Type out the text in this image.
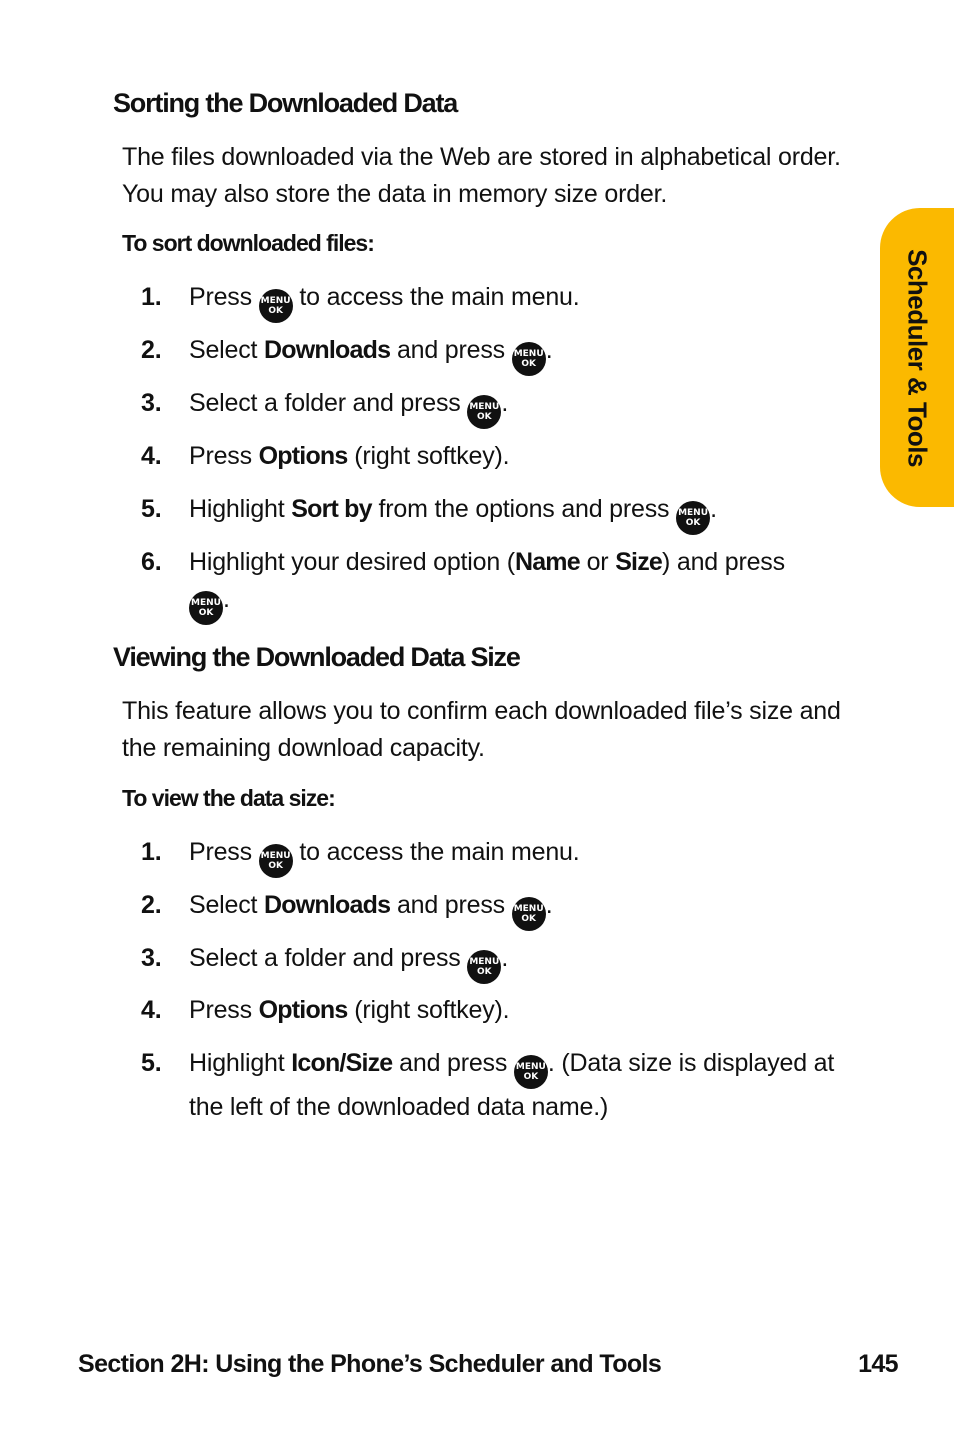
Sorting the Downloaded Data

The files downloaded via the Web are stored in alphabetical order. You may also store the data in memory size order.

To sort downloaded files:

1. Press MENU
OK to access the main menu.
2. Select Downloads and press MENU
OK .
3. Select a folder and press MENU
OK .
4. Press Options (right softkey).
5. Highlight Sort by from the options and press MENU
OK .
6. Highlight your desired option (Name or Size) and press

MENU
OK .
Viewing the Downloaded Data Size

This feature allows you to confirm each downloaded file’s size and the remaining download capacity.

To view the data size:

1. Press MENU
OK to access the main menu.
2. Select Downloads and press MENU
OK .
3. Select a folder and press MENU
OK .
4. Press Options (right softkey).
5. Highlight Icon/Size and press MENU
OK . (Data size is displayed at the left of the downloaded data name.)
Scheduler & Tools
Section 2H: Using the Phone’s Scheduler and Tools	145
